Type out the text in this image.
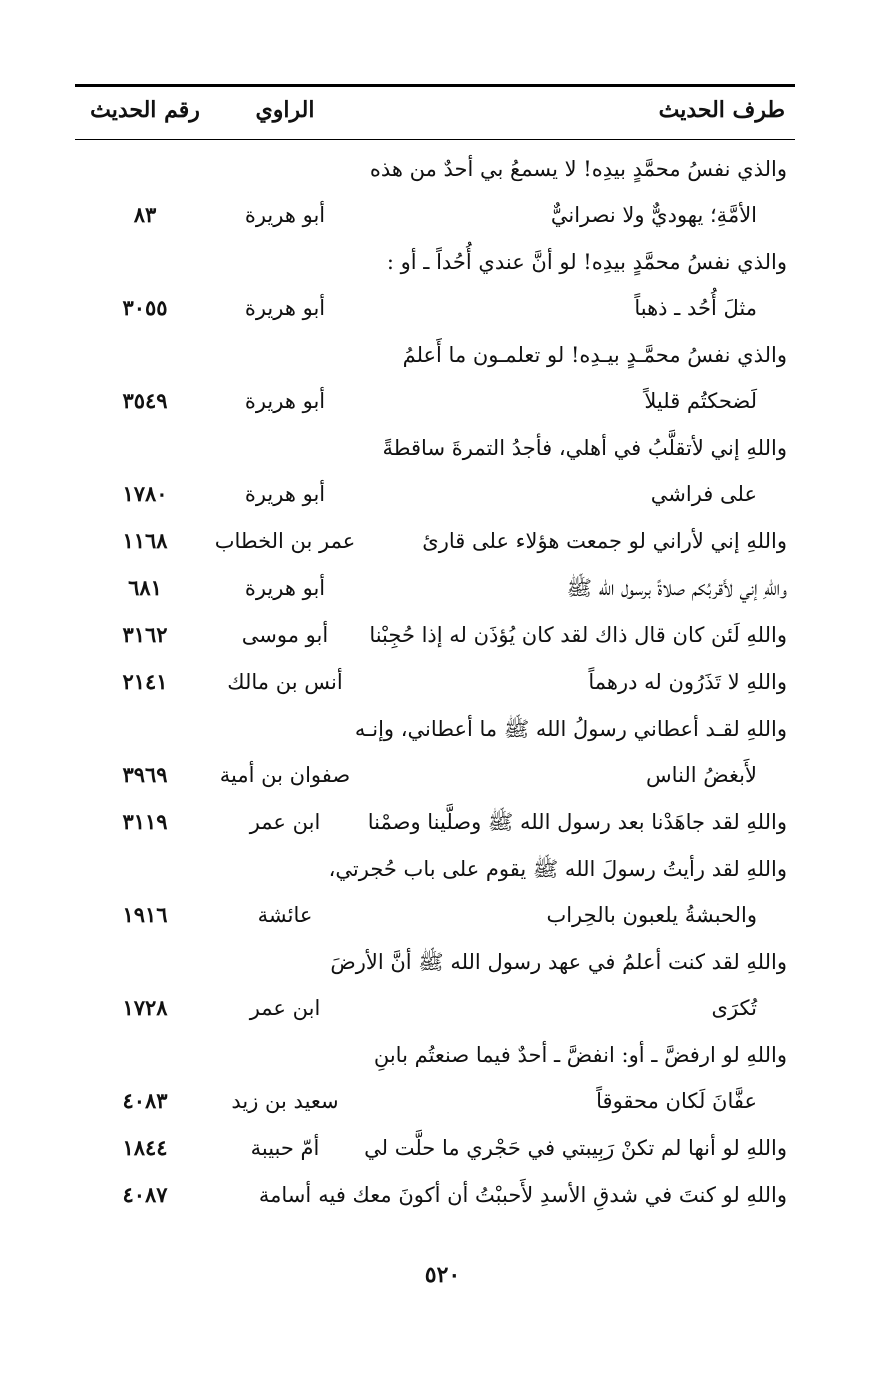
طرف الحديث
الراوي
رقم الحديث
والذي نفسُ محمَّدٍ بيدِه! لا يسمعُ بي أحدٌ من هذه
الأمَّةِ؛ يهوديٌّ ولا نصرانيٌّ
أبو هريرة
٨٣
والذي نفسُ محمَّدٍ بيدِه! لو أنَّ عندي أُحُداً ـ أو :
مثلَ أُحُد ـ ذهباً
أبو هريرة
٣٠٥٥
والذي نفسُ محمَّـدٍ بيـدِه! لو تعلمـون ما أَعلمُ
لَضحكتُم قليلاً
أبو هريرة
٣٥٤٩
واللهِ إني لأتقلَّبُ في أهلي، فأجدُ التمرةَ ساقطةً
على فراشي
أبو هريرة
١٧٨٠
واللهِ إني لأراني لو جمعت هؤلاء على قارئ
عمر بن الخطاب
١١٦٨
واللهِ إني لأَقربُكم صلاةً برسول الله ﷺ
أبو هريرة
٦٨١
واللهِ لَئن كان قال ذاك لقد كان يُؤذَن له إذا حُجِبْنا
أبو موسى
٣١٦٢
واللهِ لا تَذَرُون له درهماً
أنس بن مالك
٢١٤١
واللهِ لقـد أعطاني رسولُ الله ﷺ ما أعطاني، وإنـه
لأَبغضُ الناس
صفوان بن أمية
٣٩٦٩
واللهِ لقد جاهَدْنا بعد رسول الله ﷺ وصلَّينا وصمْنا
ابن عمر
٣١١٩
واللهِ لقد رأيتُ رسولَ الله ﷺ يقوم على باب حُجرتي،
والحبشةُ يلعبون بالحِراب
عائشة
١٩١٦
واللهِ لقد كنت أعلمُ في عهد رسول الله ﷺ أنَّ الأرضَ
تُكرَى
ابن عمر
١٧٢٨
واللهِ لو ارفضَّ ـ أو: انفضَّ ـ أحدٌ فيما صنعتُم بابنِ
عفَّانَ لَكان محقوقاً
سعيد بن زيد
٤٠٨٣
واللهِ لو أنها لم تكنْ رَبِيبتي في حَجْري ما حلَّت لي
أمّ حبيبة
١٨٤٤
واللهِ لو كنتَ في شدقِ الأسدِ لأَحببْتُ أن أكونَ معك فيه
أسامة
٤٠٨٧
٥٢٠
